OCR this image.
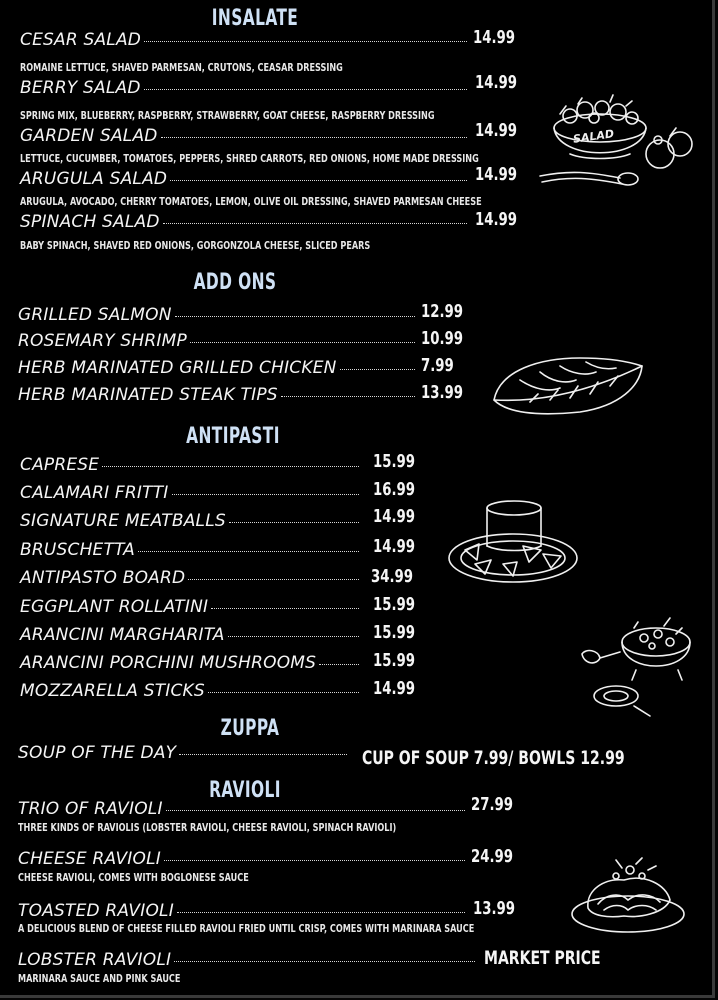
INSALATE
CESAR SALAD	14.99
ROMAINE LETTUCE, SHAVED PARMESAN, CRUTONS, CEASAR DRESSING
BERRY SALAD	14.99
SPRING MIX, BLUEBERRY, RASPBERRY, STRAWBERRY, GOAT CHEESE, RASPBERRY DRESSING
GARDEN SALAD	14.99
LETTUCE, CUCUMBER, TOMATOES, PEPPERS, SHRED CARROTS, RED ONIONS, HOME MADE DRESSING
ARUGULA SALAD	14.99
ARUGULA, AVOCADO, CHERRY TOMATOES, LEMON, OLIVE OIL DRESSING, SHAVED PARMESAN CHEESE
SPINACH SALAD	14.99
BABY SPINACH, SHAVED RED ONIONS, GORGONZOLA CHEESE, SLICED PEARS
SALAD
ADD ONS
GRILLED SALMON	12.99
ROSEMARY SHRIMP	10.99
HERB MARINATED GRILLED CHICKEN	7.99
HERB MARINATED STEAK TIPS	13.99
ANTIPASTI
CAPRESE	15.99
CALAMARI FRITTI	16.99
SIGNATURE MEATBALLS	14.99
BRUSCHETTA	14.99
ANTIPASTO BOARD	34.99
EGGPLANT ROLLATINI	15.99
ARANCINI MARGHARITA	15.99
ARANCINI PORCHINI MUSHROOMS	15.99
MOZZARELLA STICKS	14.99
ZUPPA
SOUP OF THE DAY	CUP OF SOUP 7.99/ BOWLS 12.99
RAVIOLI
TRIO OF RAVIOLI	27.99
THREE KINDS OF RAVIOLIS (LOBSTER RAVIOLI, CHEESE RAVIOLI, SPINACH RAVIOLI)
CHEESE RAVIOLI	24.99
CHEESE RAVIOLI, COMES WITH BOGLONESE SAUCE
TOASTED RAVIOLI	13.99
A DELICIOUS BLEND OF CHEESE FILLED RAVIOLI FRIED UNTIL CRISP, COMES WITH MARINARA SAUCE
LOBSTER RAVIOLI	MARKET PRICE
MARINARA SAUCE AND PINK SAUCE
